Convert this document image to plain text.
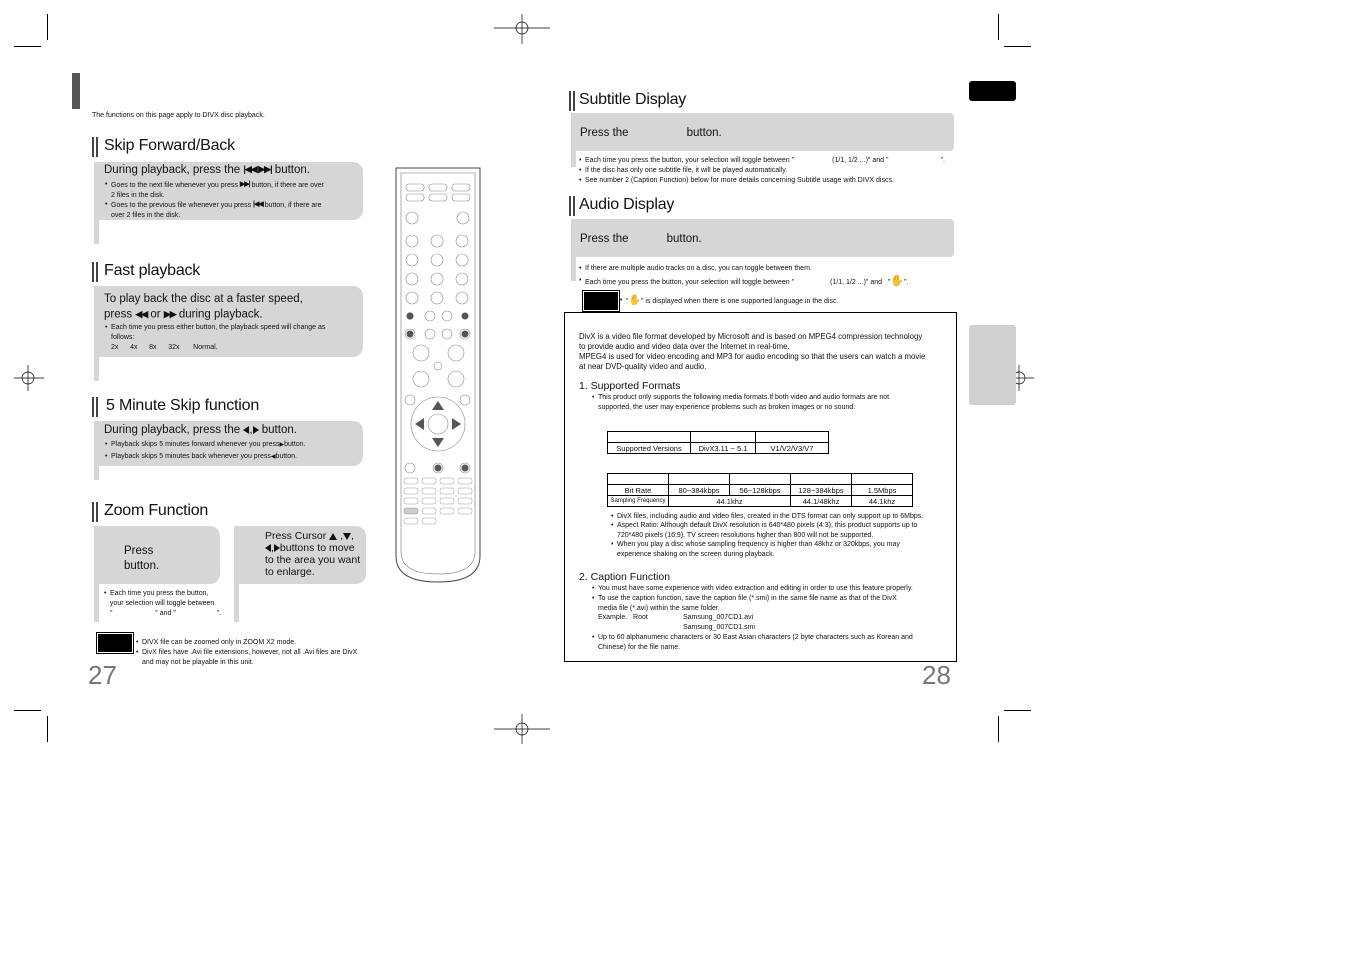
The functions on this page apply to DIVX disc playback.
Skip Forward/Back
During playback, press the |◀◀ ▶▶| button.
• Goes to the next file whenever you press ▶▶| button, if there are over
2 files in the disk.
• Goes to the previous file whenever you press |◀◀ button, if there are
over 2 files in the disk.
Fast playback
To play back the disc at a faster speed,
press ◀◀ or ▶▶ during playback.
• Each time you press either button, the playback speed will change as
follows:
2x 4x 8x 32x Normal.
5 Minute Skip function
During playback, press the , button.
• Playback skips 5 minutes forward whenever you press▶button.
• Playback skips 5 minutes back whenever you press◀button.
Zoom Function
Press
button.
Press Cursor  , ,
, buttons to move
to the area you want
to enlarge.
• Each time you press the button,
your selection will toggle between
"	" and "	".
• DIVX file can be zoomed only in ZOOM X2 mode.
• DivX files have .Avi file extensions, however, not all .Avi files are DivX
and may not be playable in this unit.
27
Subtitle Display
Press the	button.
• Each time you press the button, your selection will toggle between "	(1/1, 1/2 ...)" and "	".
• If the disc has only one subtitle file, it will be played automatically.
• See number 2 (Caption Function) below for more details concerning Subtitle usage with DIVX discs.
Audio Display
Press the	button.
• If there are multiple audio tracks on a disc, you can toggle between them.
• Each time you press the button, your selection will toggle between "	(1/1, 1/2 ...)" and "✋".
• "✋" is displayed when there is one supported language in the disc.
DivX is a video file format developed by Microsoft and is based on MPEG4 compression technology
to provide audio and video data over the Internet in real-time.
MPEG4 is used for video encoding and MP3 for audio encoding so that the users can watch a movie
at near DVD-quality video and audio.
1. Supported Formats
• This product only supports the following media formats.If both video and audio formats are not
supported, the user may experience problems such as broken images or no sound.

Supported Versions	DivX3.11 ~ 5.1	V1/V2/V3/V7

Bit Rate	80~384kbps	56~128kbps	128~384kbps	1.5Mbps
Sampling Frequency	44.1khz		44.1/48khz	44.1khz
• DivX files, including audio and video files, created in the DTS format can only support up to 6Mbps.
• Aspect Ratio: Although default DivX resolution is 640*480 pixels (4:3), this product supports up to
720*480 pixels (16:9). TV screen resolutions higher than 800 will not be supported.
• When you play a disc whose sampling frequency is higher than 48khz or 320kbps, you may
experience shaking on the screen during playback.
2. Caption Function
• You must have some experience with video extraction and editing in order to use this feature properly.
• To use the caption function, save the caption file (*.smi) in the same file name as that of the DivX
media file (*.avi) within the same folder.
Example. Root	Samsung_007CD1.avi
Samsung_007CD1.smi
• Up to 60 alphanumeric characters or 30 East Asian characters (2 byte characters such as Korean and
Chinese) for the file name.
28
